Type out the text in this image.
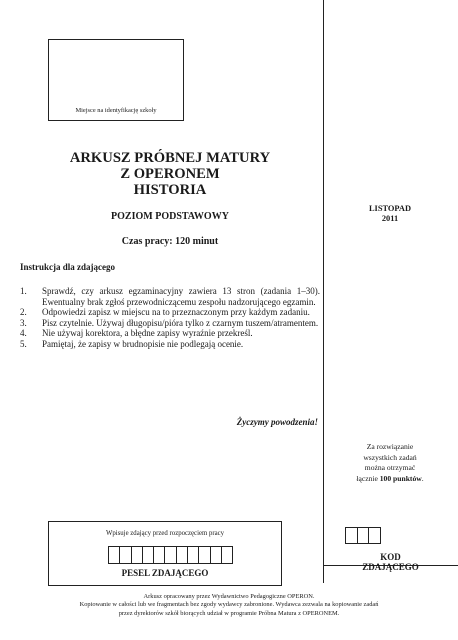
Miejsce na identyfikację szkoły
ARKUSZ PRÓBNEJ MATURY
Z OPERONEM
HISTORIA
POZIOM PODSTAWOWY
Czas pracy: 120 minut
Instrukcja dla zdającego
1. Sprawdź, czy arkusz egzaminacyjny zawiera 13 stron (zadania 1–30). Ewentualny brak zgłoś przewodniczącemu zespołu nadzorującego egzamin.
2. Odpowiedzi zapisz w miejscu na to przeznaczonym przy każdym zadaniu.
3. Pisz czytelnie. Używaj długopisu/pióra tylko z czarnym tuszem/atramentem.
4. Nie używaj korektora, a błędne zapisy wyraźnie przekreśl.
5. Pamiętaj, że zapisy w brudnopisie nie podlegają ocenie.
Życzymy powodzenia!
LISTOPAD
2011
Za rozwiązanie
wszystkich zadań
można otrzymać
łącznie 100 punktów.
Wpisuje zdający przed rozpoczęciem pracy
PESEL ZDAJĄCEGO
KOD
ZDAJĄCEGO
Arkusz opracowany przez Wydawnictwo Pedagogiczne OPERON.
Kopiowanie w całości lub we fragmentach bez zgody wydawcy zabronione. Wydawca zezwala na kopiowanie zadań
przez dyrektorów szkół biorących udział w programie Próbna Matura z OPERONEM.
